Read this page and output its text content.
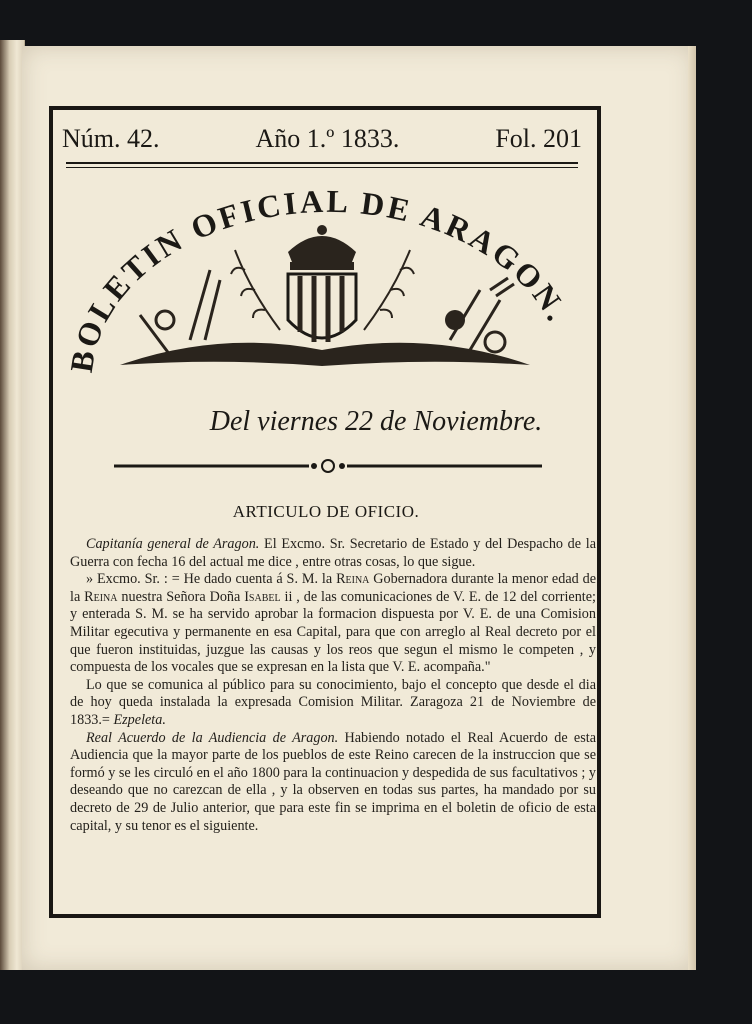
Núm. 42.	Año 1.º 1833.	Fol. 201
BOLETIN OFICIAL DE ARAGON.
Del viernes 22 de Noviembre.
ARTICULO DE OFICIO.

Capitanía general de Aragon. El Excmo. Sr. Secretario de Estado y del Despacho de la Guerra con fecha 16 del actual me dice , entre otras cosas, lo que sigue.

» Excmo. Sr. : = He dado cuenta á S. M. la Reina Gobernadora durante la menor edad de la Reina nuestra Señora Doña Isabel ii , de las comunicaciones de V. E. de 12 del corriente; y enterada S. M. se ha servido aprobar la formacion dispuesta por V. E. de una Comision Militar egecutiva y permanente en esa Capital, para que con arreglo al Real decreto por el que fueron instituidas, juzgue las causas y los reos que segun el mismo le competen , y compuesta de los vocales que se expresan en la lista que V. E. acompaña."

Lo que se comunica al público para su conocimiento, bajo el concepto que desde el dia de hoy queda instalada la expresada Comision Militar. Zaragoza 21 de Noviembre de 1833.= Ezpeleta.

Real Acuerdo de la Audiencia de Aragon. Habiendo notado el Real Acuerdo de esta Audiencia que la mayor parte de los pueblos de este Reino carecen de la instruccion que se formó y se les circuló en el año 1800 para la continuacion y despedida de sus facultativos ; y deseando que no carezcan de ella , y la observen en todas sus partes, ha mandado por su decreto de 29 de Julio anterior, que para este fin se imprima en el boletin de oficio de esta capital, y su tenor es el siguiente.
